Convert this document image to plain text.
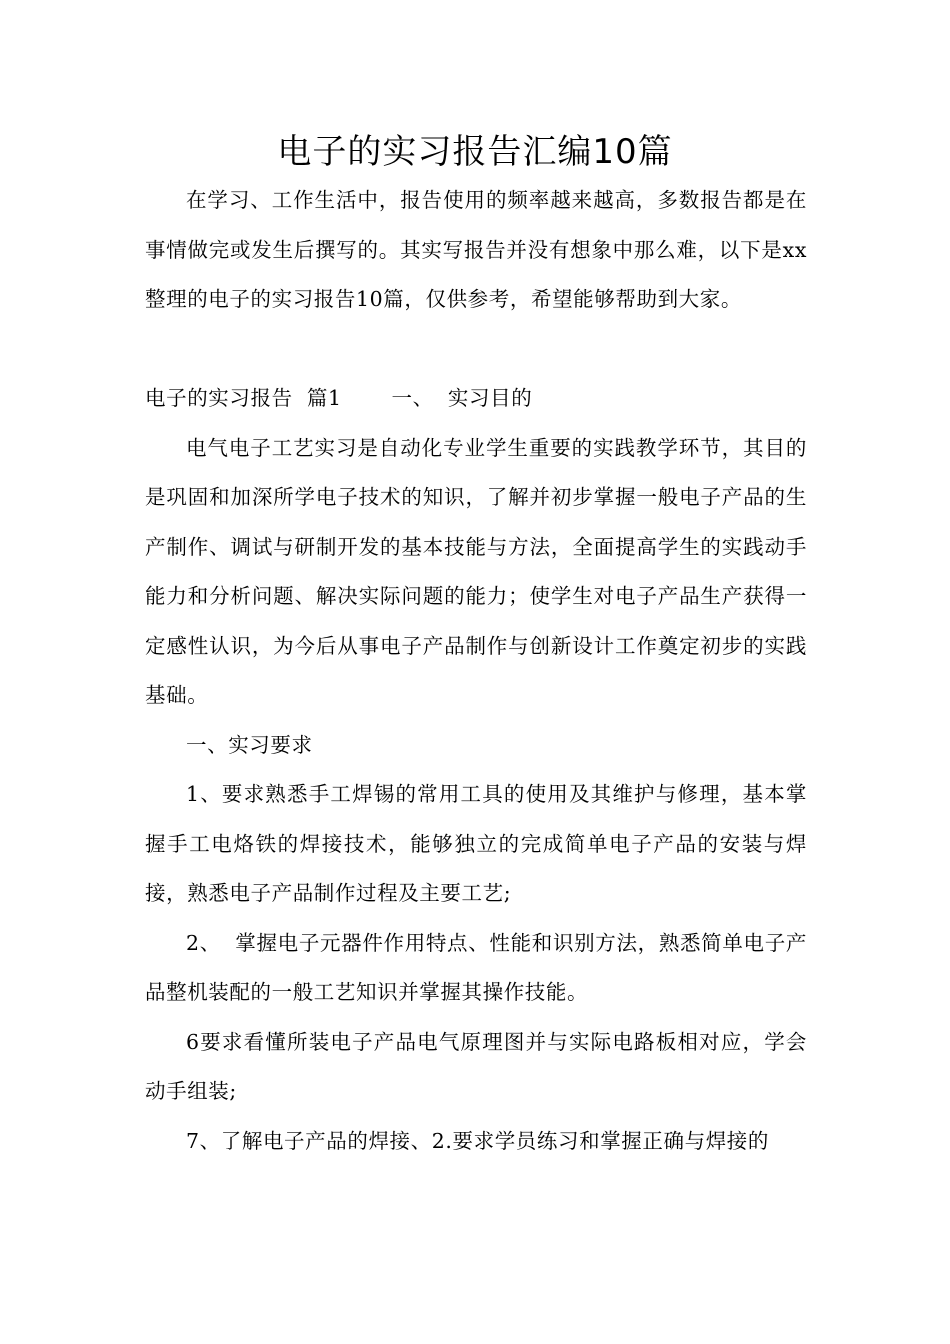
电子的实习报告汇编10篇

在学习、工作生活中，报告使用的频率越来越高，多数报告都是在事情做完或发生后撰写的。其实写报告并没有想象中那么难，以下是xx整理的电子的实习报告10篇，仅供参考，希望能够帮助到大家。

电子的实习报告  篇1       一、  实习目的

电气电子工艺实习是自动化专业学生重要的实践教学环节，其目的是巩固和加深所学电子技术的知识，了解并初步掌握一般电子产品的生产制作、调试与研制开发的基本技能与方法，全面提高学生的实践动手能力和分析问题、解决实际问题的能力；使学生对电子产品生产获得一定感性认识，为今后从事电子产品制作与创新设计工作奠定初步的实践基础。

一、实习要求

1、要求熟悉手工焊锡的常用工具的使用及其维护与修理，基本掌握手工电烙铁的焊接技术，能够独立的完成简单电子产品的安装与焊接，熟悉电子产品制作过程及主要工艺;

2、  掌握电子元器件作用特点、性能和识别方法，熟悉简单电子产品整机装配的一般工艺知识并掌握其操作技能。

6要求看懂所装电子产品电气原理图并与实际电路板相对应，学会动手组装;

7、了解电子产品的焊接、2.要求学员练习和掌握正确与焊接的
